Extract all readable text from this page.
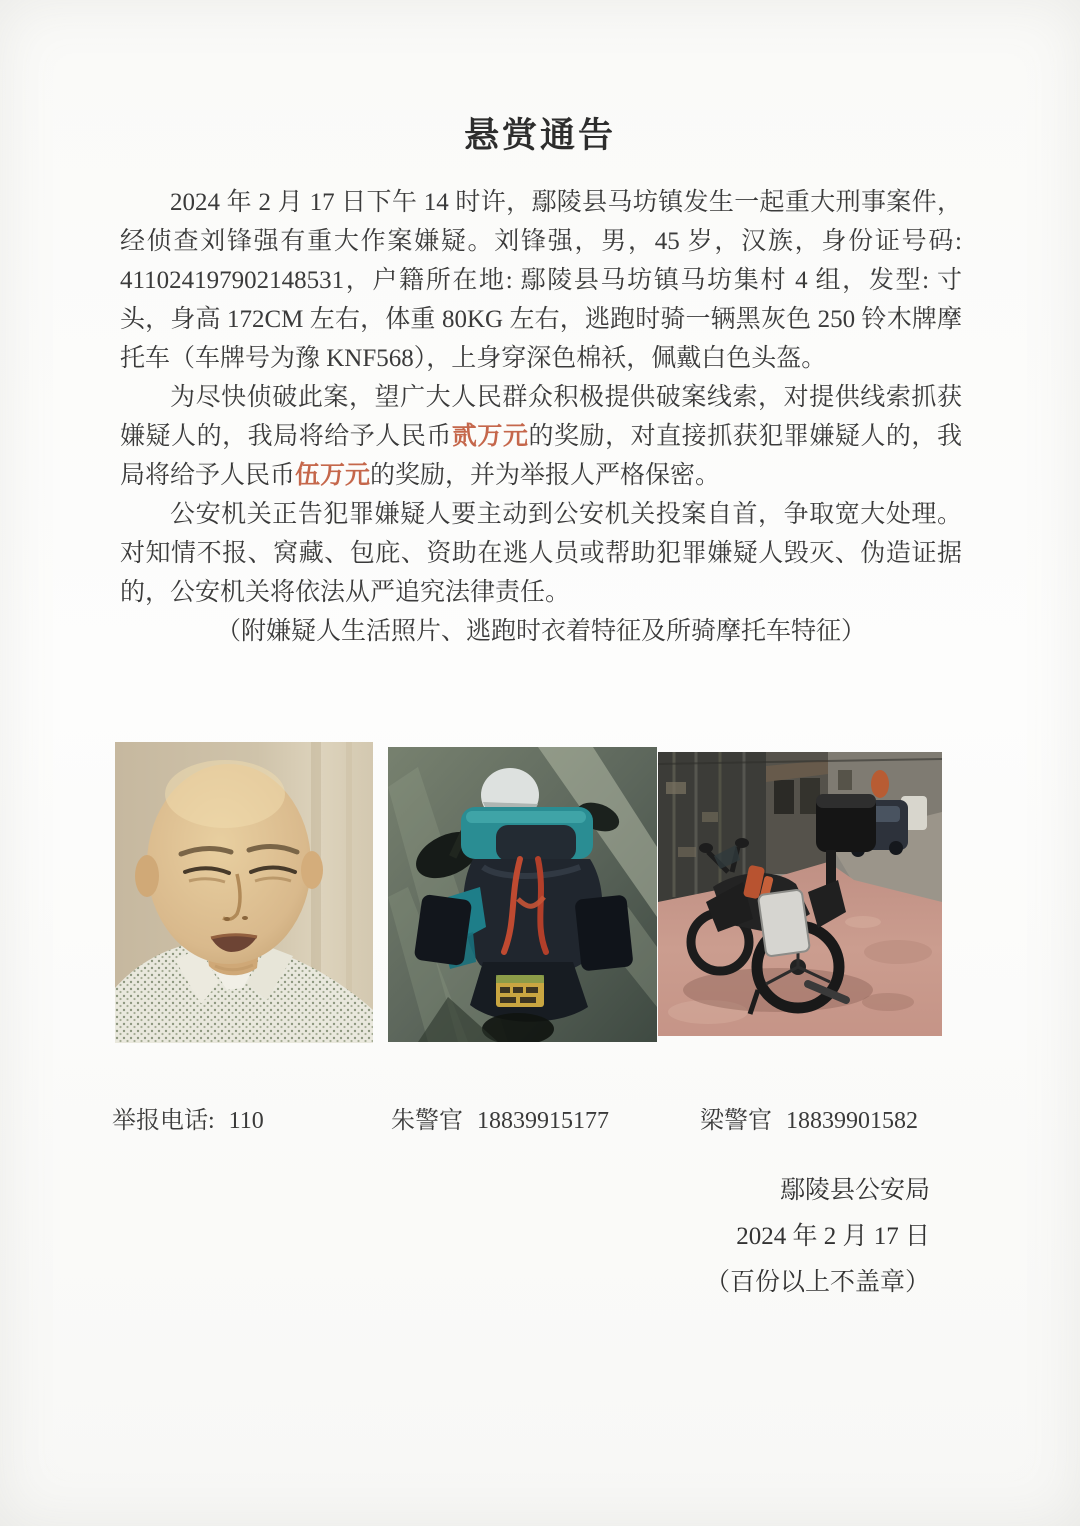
悬赏通告

2024 年 2 月 17 日下午 14 时许，鄢陵县马坊镇发生一起重大刑事案件，经侦查刘锋强有重大作案嫌疑。刘锋强，男，45 岁，汉族，身份证号码: 411024197902148531，户籍所在地: 鄢陵县马坊镇马坊集村 4 组，发型: 寸头，身高 172CM 左右，体重 80KG 左右，逃跑时骑一辆黑灰色 250 铃木牌摩托车（车牌号为豫 KNF568），上身穿深色棉袄，佩戴白色头盔。

为尽快侦破此案，望广大人民群众积极提供破案线索，对提供线索抓获嫌疑人的，我局将给予人民币贰万元的奖励，对直接抓获犯罪嫌疑人的，我局将给予人民币伍万元的奖励，并为举报人严格保密。

公安机关正告犯罪嫌疑人要主动到公安机关投案自首，争取宽大处理。对知情不报、窝藏、包庇、资助在逃人员或帮助犯罪嫌疑人毁灭、伪造证据的，公安机关将依法从严追究法律责任。

（附嫌疑人生活照片、逃跑时衣着特征及所骑摩托车特征）

举报电话: 110	朱警官 18839915177	梁警官 18839901582
鄢陵县公安局
2024 年 2 月 17 日
（百份以上不盖章）
